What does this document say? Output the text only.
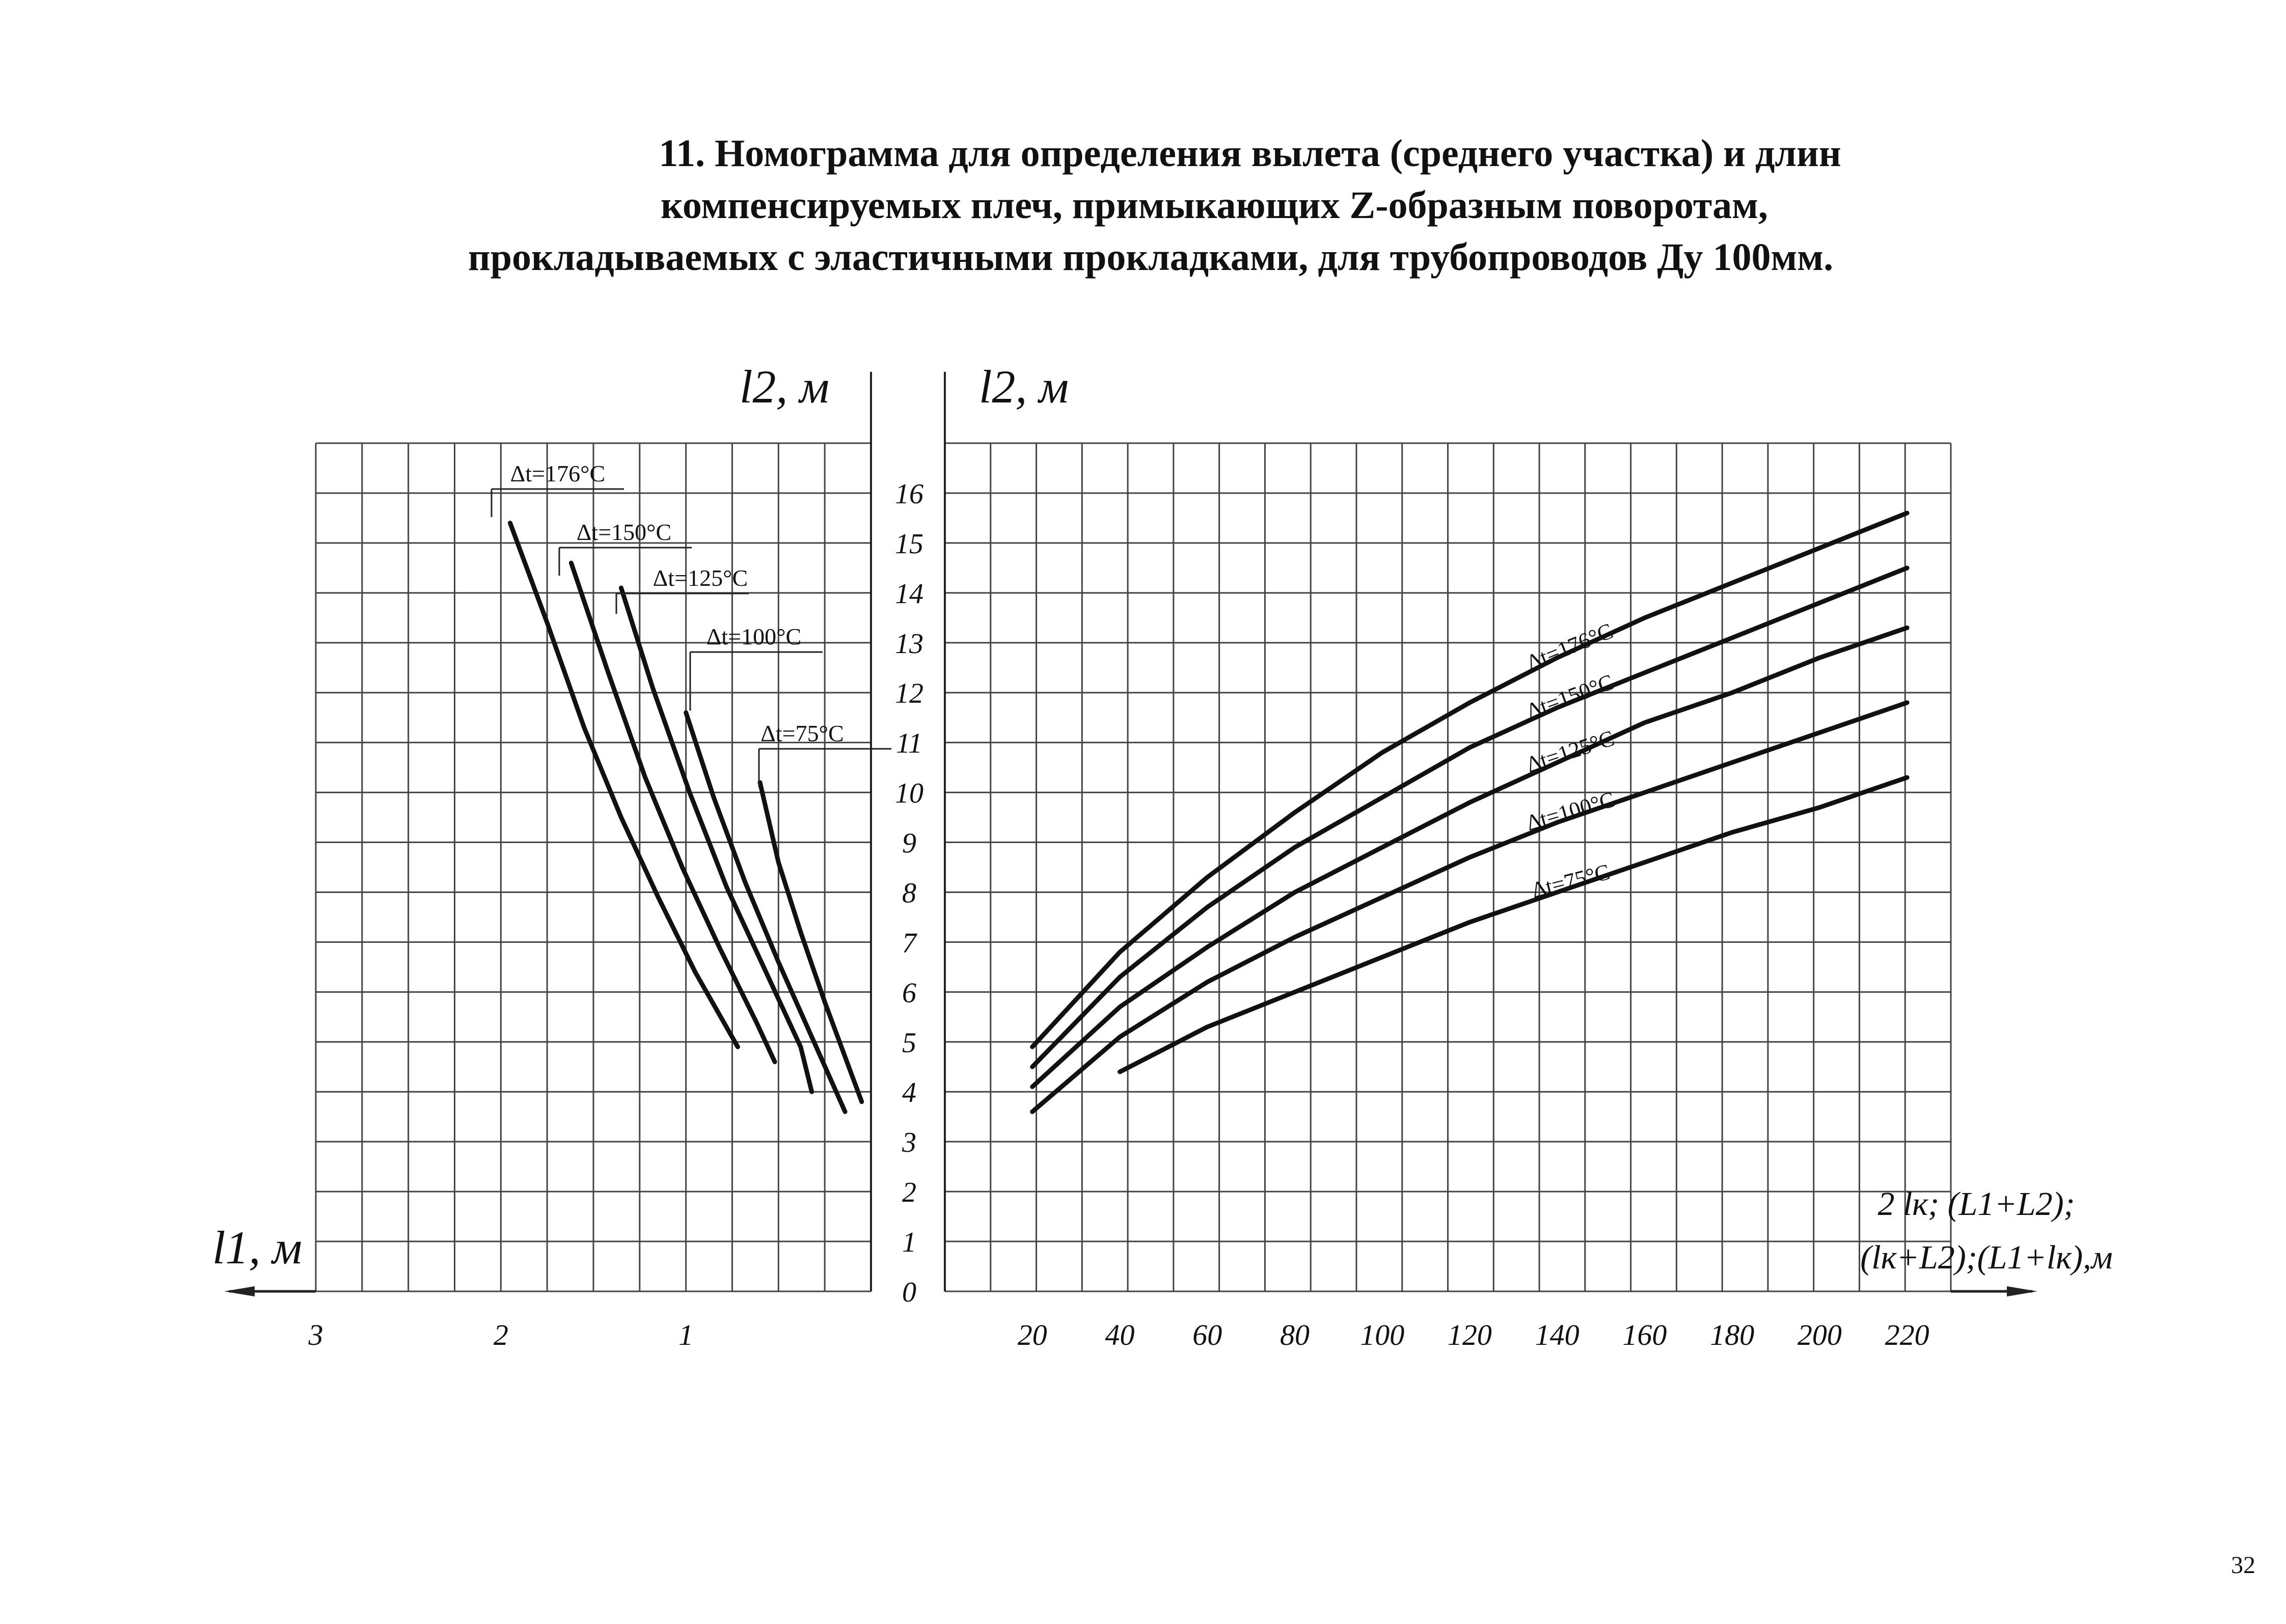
11. Номограмма для определения вылета (среднего участка) и длин
компенсируемых плеч, примыкающих Z-образным поворотам,
прокладываемых с эластичными прокладками, для трубопроводов Ду 100мм.
l2, м	l2, м
l1, м
2 lк; (L1+L2);
(lк+L2);(L1+lк),м
0
1
2
3
4
5
6
7
8
9
10
11
12
13
14
15
16
3	2	1	20 40 60 80 100 120 140 160 180 200 220
Δt=176°C
Δt=150°C
Δt=125°C
Δt=100°C
Δt=75°C
Δt=176°C
Δt=150°C
Δt=125°C
Δt=100°C
Δt=75°C
32
